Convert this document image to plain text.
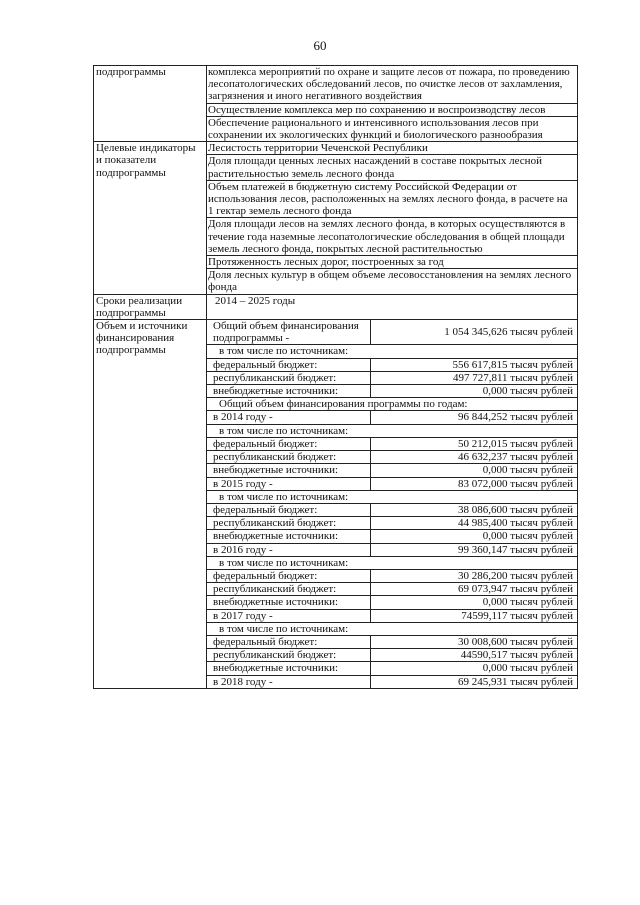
60
подпрограммы	комплекса мероприятий по охране и защите лесов от пожара, по проведению лесопатологических обследований лесов, по очистке лесов от захламления, загрязнения и иного негативного воздействия	
	Осуществление комплекса мер по сохранению и воспроизводству лесов	
	Обеспечение рационального и интенсивного использования лесов при сохранении их экологических функций и биологического разнообразия	
Целевые индикаторы и показатели подпрограммы	Лесистость территории Чеченской Республики	
	Доля площади ценных лесных насаждений в составе покрытых лесной растительностью земель лесного фонда	
	Объем платежей в бюджетную систему Российской Федерации от использования лесов, расположенных на землях лесного фонда, в расчете на 1 гектар земель лесного фонда	
	Доля площади лесов на землях лесного фонда, в которых осуществляются в течение года наземные лесопатологические обследования в общей площади земель лесного фонда, покрытых лесной растительностью	
	Протяженность лесных дорог, построенных за год	
	Доля лесных культур в общем объеме лесовосстановления на землях лесного фонда	
Сроки реализации подпрограммы	2014 – 2025 годы	
Объем и источники финансирования подпрограммы	Общий объем финансирования подпрограммы -	1 054 345,626 тысяч рублей
	в том числе по источникам:	
	федеральный бюджет:	556 617,815 тысяч рублей
	республиканский бюджет:	497 727,811 тысяч рублей
	внебюджетные источники:	0,000 тысяч рублей
	Общий объем финансирования программы по годам:	
	в 2014 году -	96 844,252 тысяч рублей
	в том числе по источникам:	
	федеральный бюджет:	50 212,015 тысяч рублей
	республиканский бюджет:	46 632,237 тысяч рублей
	внебюджетные источники:	0,000 тысяч рублей
	в 2015 году -	83 072,000 тысяч рублей
	в том числе по источникам:	
	федеральный бюджет:	38 086,600 тысяч рублей
	республиканский бюджет:	44 985,400 тысяч рублей
	внебюджетные источники:	0,000 тысяч рублей
	в 2016 году -	99 360,147 тысяч рублей
	в том числе по источникам:	
	федеральный бюджет:	30 286,200 тысяч рублей
	республиканский бюджет:	69 073,947 тысяч рублей
	внебюджетные источники:	0,000 тысяч рублей
	в 2017 году -	74599,117 тысяч рублей
	в том числе по источникам:	
	федеральный бюджет:	30 008,600 тысяч рублей
	республиканский бюджет:	44590,517 тысяч рублей
	внебюджетные источники:	0,000 тысяч рублей
	в 2018 году -	69 245,931 тысяч рублей
